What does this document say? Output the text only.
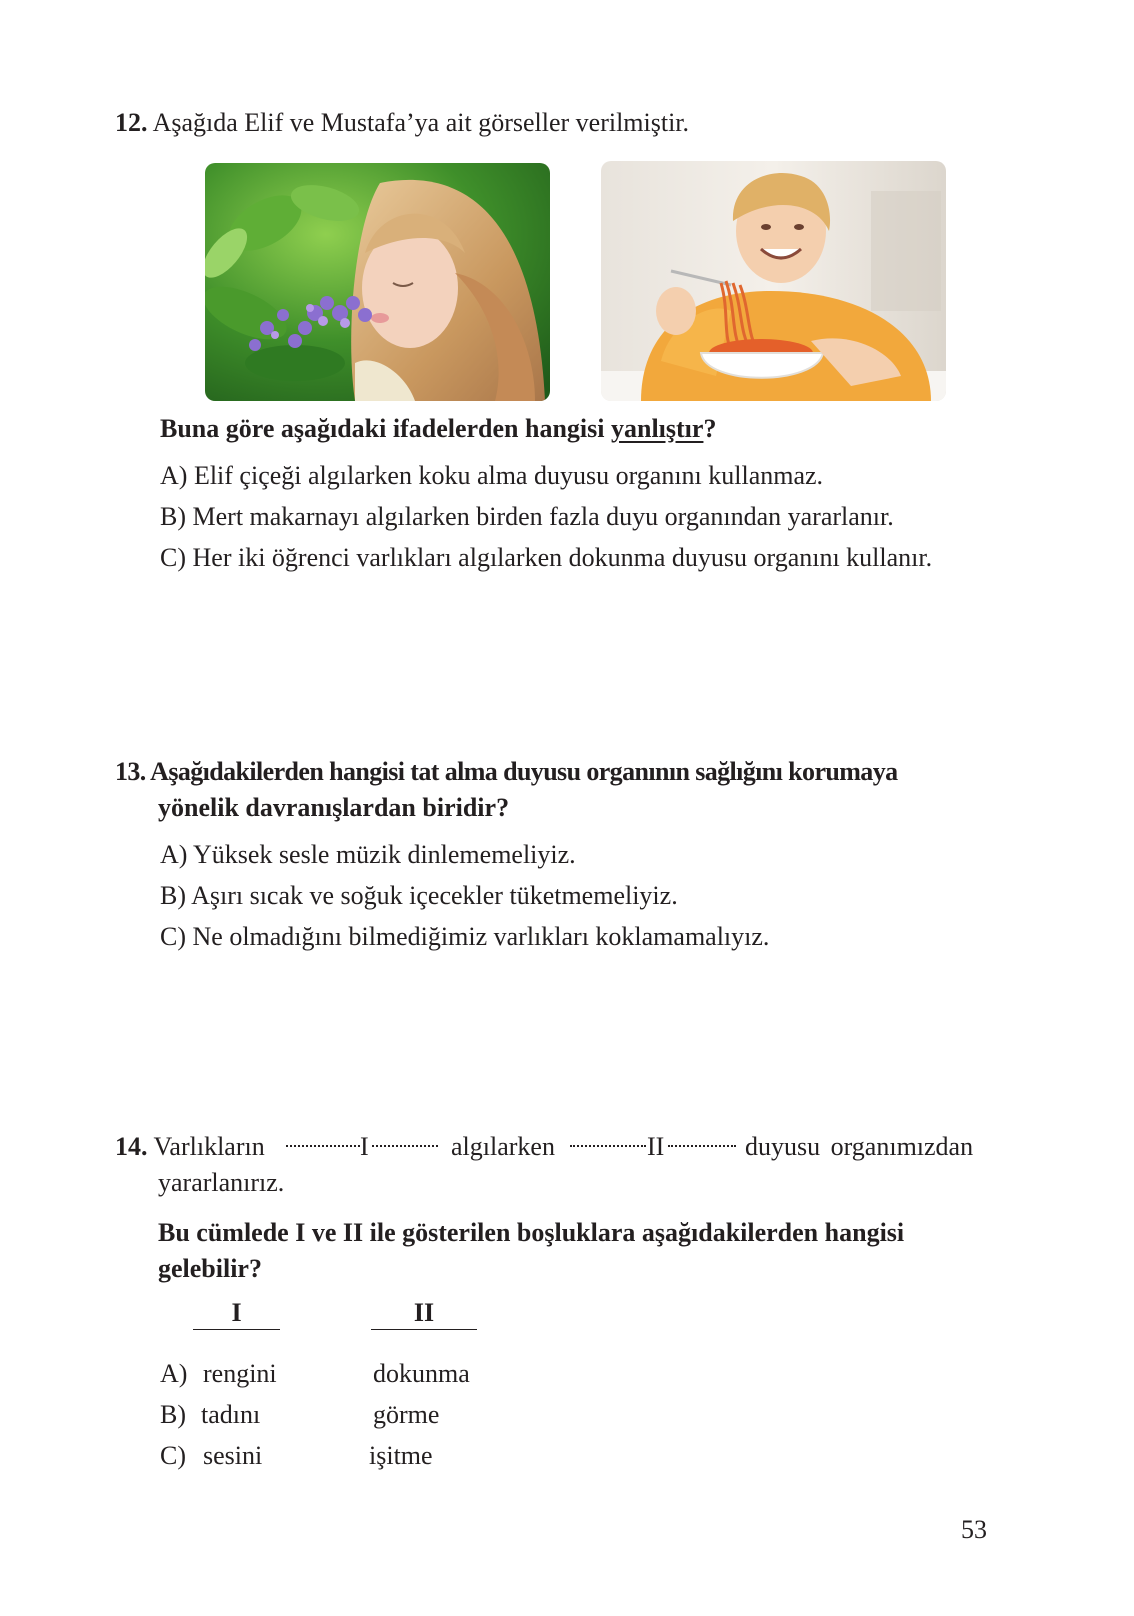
12. Aşağıda Elif ve Mustafa’ya ait görseller verilmiştir.
Buna göre aşağıdaki ifadelerden hangisi yanlıştır?
A) Elif çiçeği algılarken koku alma duyusu organını kullanmaz.
B) Mert makarnayı algılarken birden fazla duyu organından yararlanır.
C) Her iki öğrenci varlıkları algılarken dokunma duyusu organını kullanır.
13. Aşağıdakilerden hangisi tat alma duyusu organının sağlığını korumaya
yönelik davranışlardan biridir?
A) Yüksek sesle müzik dinlememeliyiz.
B) Aşırı sıcak ve soğuk içecekler tüketmemeliyiz.
C) Ne olmadığını bilmediğimiz varlıkları koklamamalıyız.
14. Varlıkların	I	algılarken	II	duyusu organımızdan
yararlanırız.
Bu cümlede I ve II ile gösterilen boşluklara aşağıdakilerden hangisi
gelebilir?
I	II
A) rengini	dokunma
B) tadını	görme
C) sesini	işitme
53
